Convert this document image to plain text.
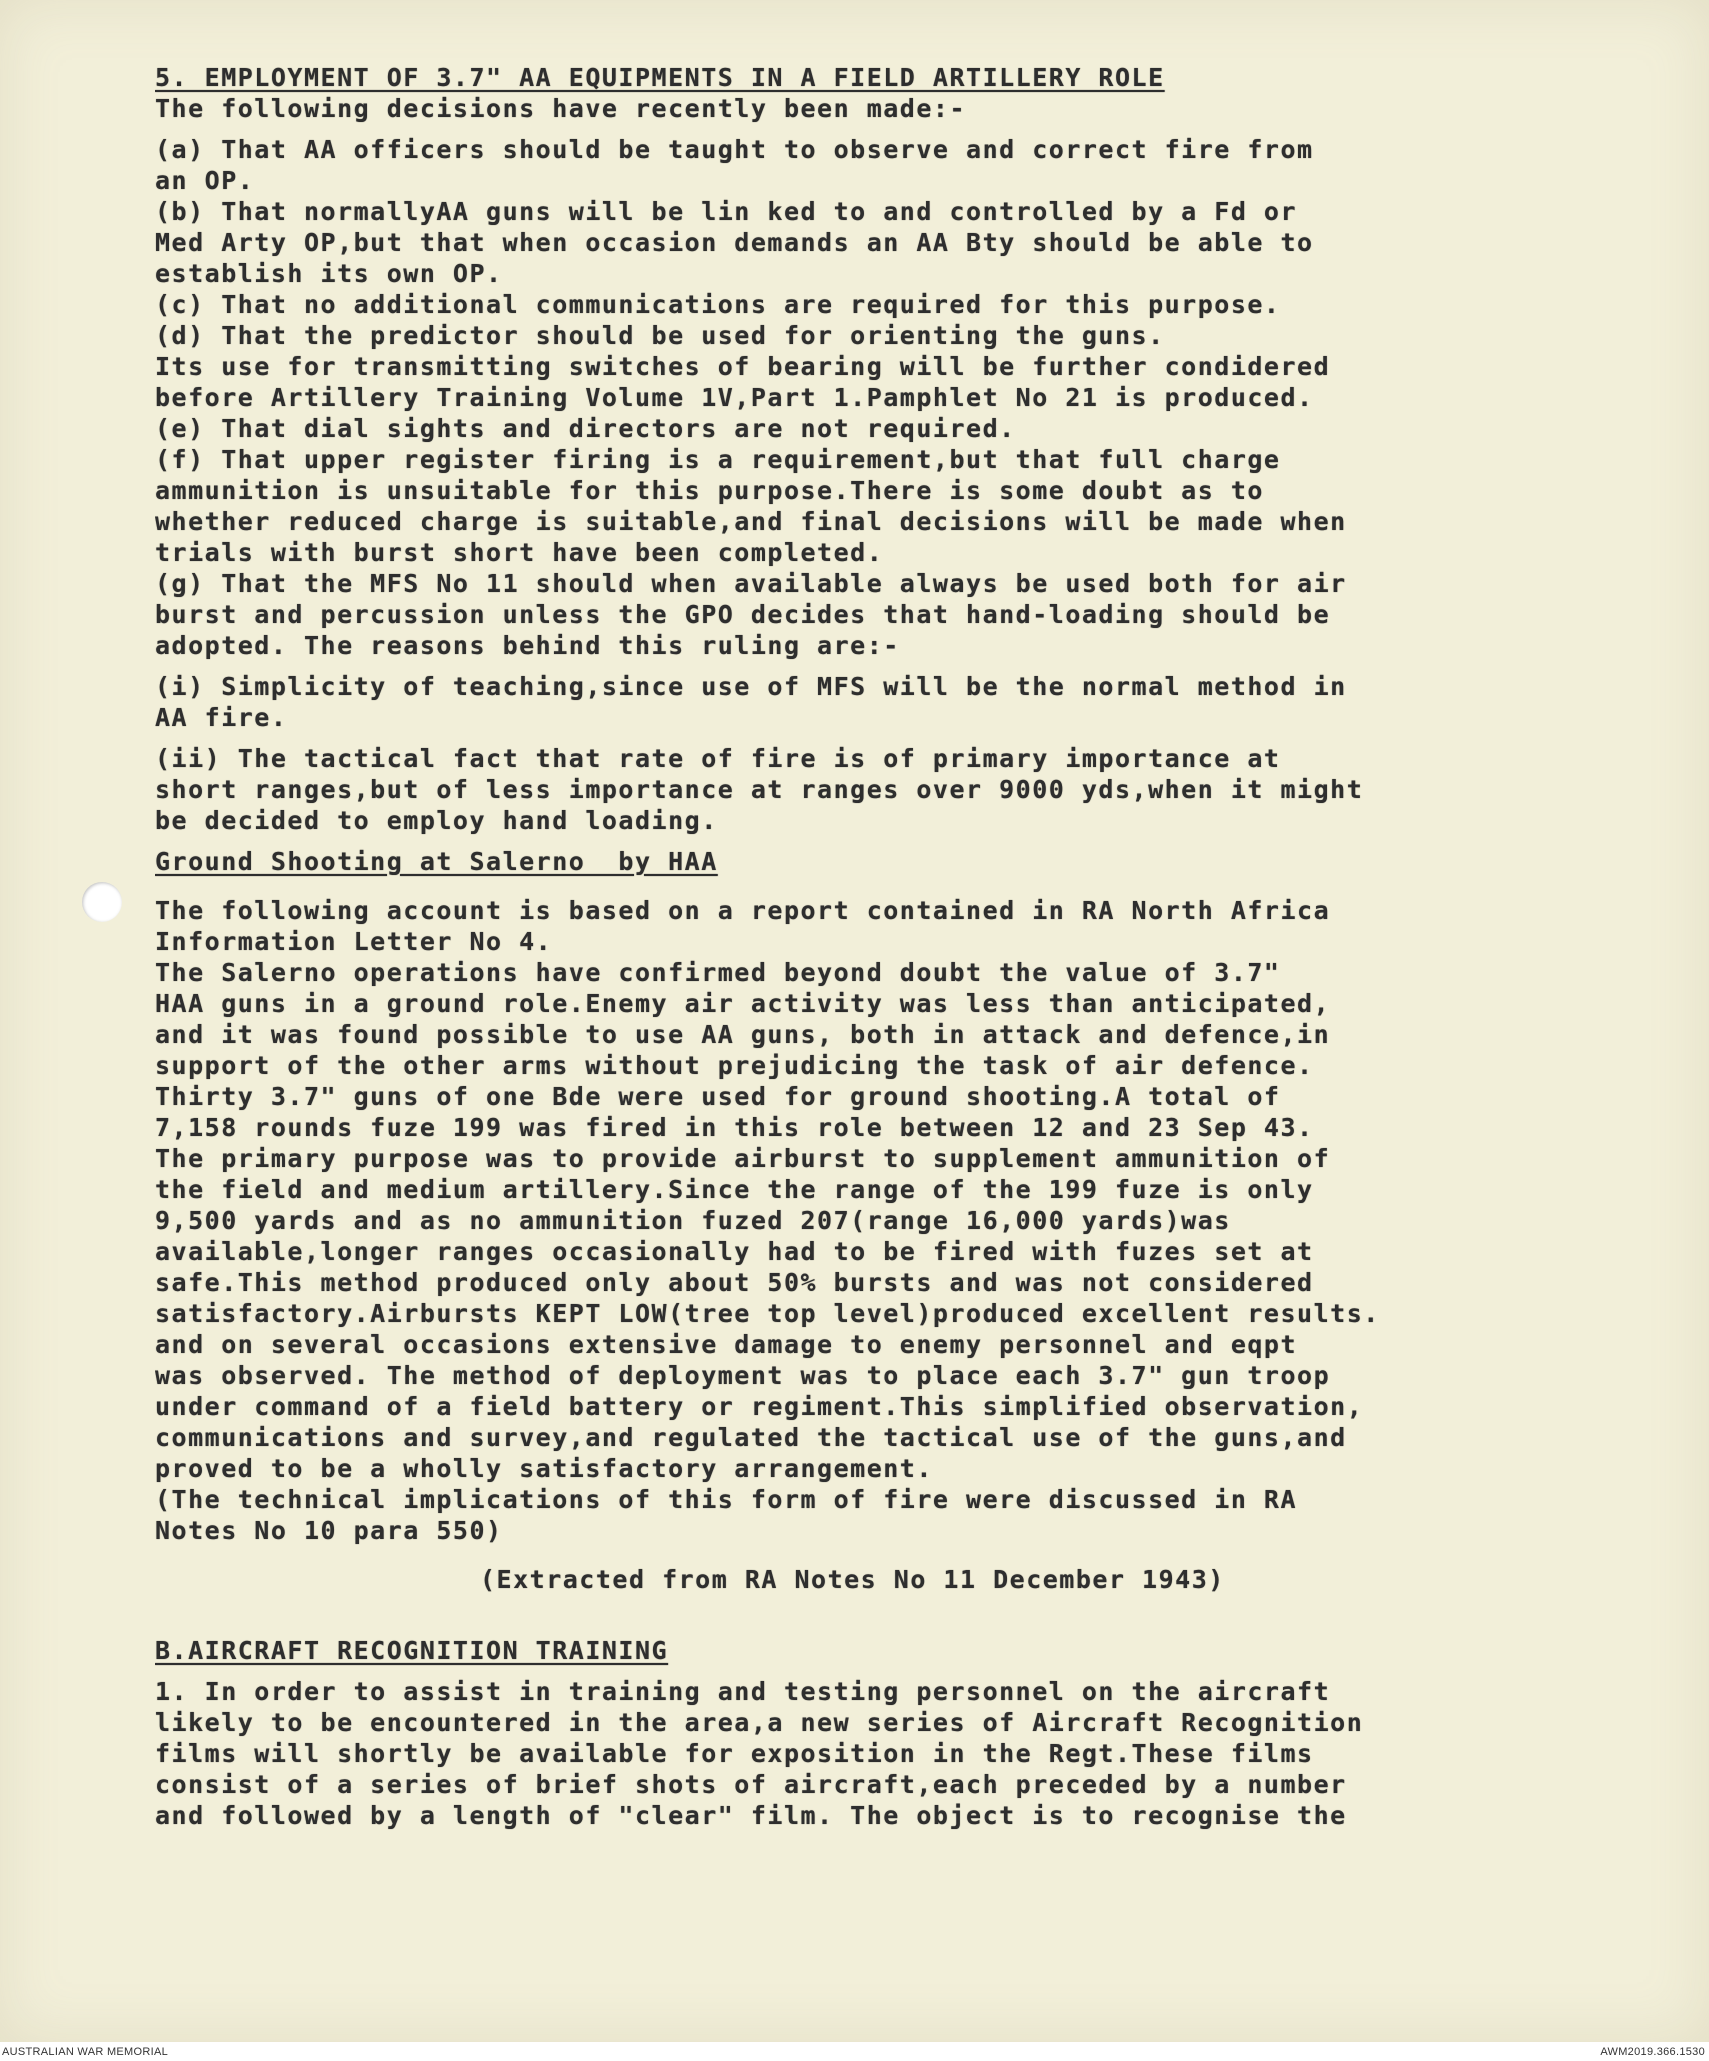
5. EMPLOYMENT OF 3.7" AA EQUIPMENTS IN A FIELD ARTILLERY ROLE
The following decisions have recently been made:-
(a) That AA officers should be taught to observe and correct fire from
an OP.
(b) That normallyAA guns will be lin ked to and controlled by a Fd or
Med Arty OP,but that when occasion demands an AA Bty should be able to
establish its own OP.
(c) That no additional communications are required for this purpose.
(d) That the predictor should be used for orienting the guns.
Its use for transmitting switches of bearing will be further condidered
before Artillery Training Volume 1V,Part 1.Pamphlet No 21 is produced.
(e) That dial sights and directors are not required.
(f) That upper register firing is a requirement,but that full charge
ammunition is unsuitable for this purpose.There is some doubt as to
whether reduced charge is suitable,and final decisions will be made when
trials with burst short have been completed.
(g) That the MFS No 11 should when available always be used both for air
burst and percussion unless the GPO decides that hand-loading should be
adopted. The reasons behind this ruling are:-
(i) Simplicity of teaching,since use of MFS will be the normal method in
AA fire.
(ii) The tactical fact that rate of fire is of primary importance at
short ranges,but of less importance at ranges over 9000 yds,when it might
be decided to employ hand loading.
Ground Shooting at Salerno  by HAA
The following account is based on a report contained in RA North Africa
Information Letter No 4.
The Salerno operations have confirmed beyond doubt the value of 3.7"
HAA guns in a ground role.Enemy air activity was less than anticipated,
and it was found possible to use AA guns, both in attack and defence,in
support of the other arms without prejudicing the task of air defence.
Thirty 3.7" guns of one Bde were used for ground shooting.A total of
7,158 rounds fuze 199 was fired in this role between 12 and 23 Sep 43.
The primary purpose was to provide airburst to supplement ammunition of
the field and medium artillery.Since the range of the 199 fuze is only
9,500 yards and as no ammunition fuzed 207(range 16,000 yards)was
available,longer ranges occasionally had to be fired with fuzes set at
safe.This method produced only about 50% bursts and was not considered
satisfactory.Airbursts KEPT LOW(tree top level)produced excellent results.
and on several occasions extensive damage to enemy personnel and eqpt
was observed. The method of deployment was to place each 3.7" gun troop
under command of a field battery or regiment.This simplified observation,
communications and survey,and regulated the tactical use of the guns,and
proved to be a wholly satisfactory arrangement.
(The technical implications of this form of fire were discussed in RA
Notes No 10 para 550)
(Extracted from RA Notes No 11 December 1943)
B.AIRCRAFT RECOGNITION TRAINING
1. In order to assist in training and testing personnel on the aircraft
likely to be encountered in the area,a new series of Aircraft Recognition
films will shortly be available for exposition in the Regt.These films
consist of a series of brief shots of aircraft,each preceded by a number
and followed by a length of "clear" film. The object is to recognise the
AUSTRALIAN WAR MEMORIAL	AWM2019.366.1530
